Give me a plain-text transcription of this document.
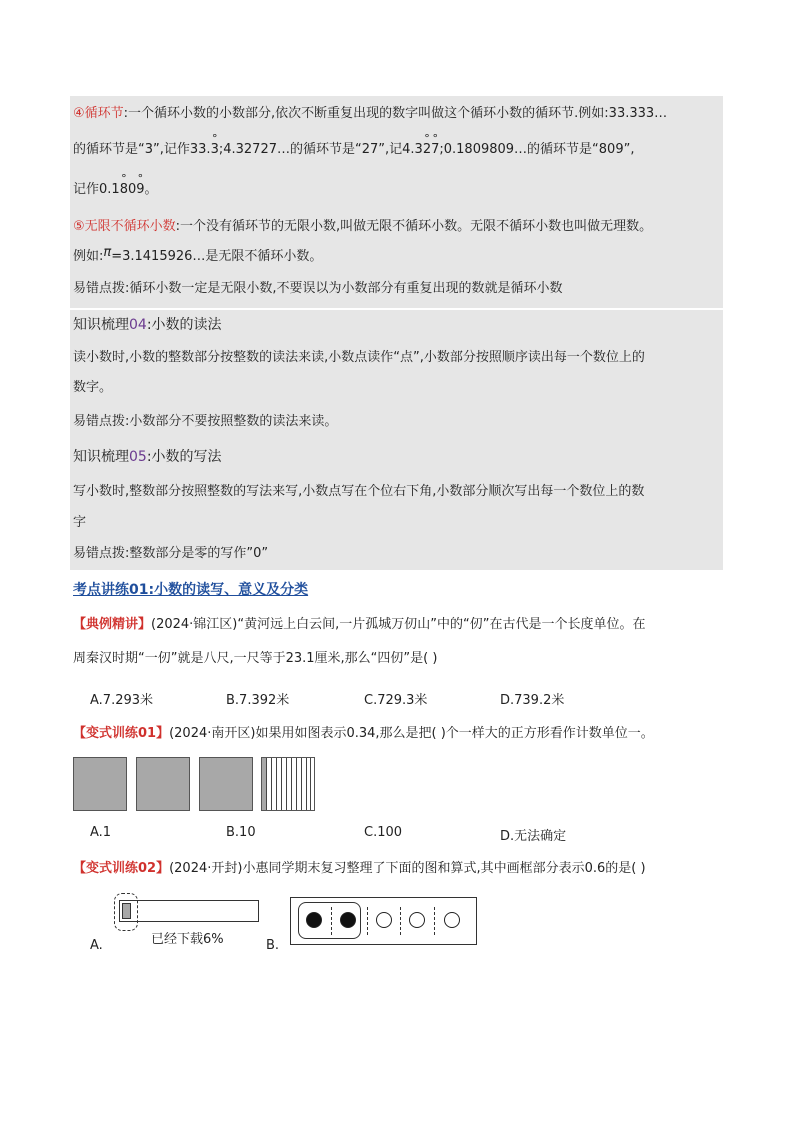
④循环节:一个循环小数的小数部分,依次不断重复出现的数字叫做这个循环小数的循环节.例如:33.333…
的循环节是“3”,记作33.° 3;4.32727…的循环节是“27”,记4.3° 2° 7;0.1809809…的循环节是“809”,
记作0.1° 80° 9。
⑤无限不循环小数:一个没有循环节的无限小数,叫做无限不循环小数。无限不循环小数也叫做无理数。
例如:π=3.1415926…是无限不循环小数。
易错点拨:循环小数一定是无限小数,不要误以为小数部分有重复出现的数就是循环小数
知识梳理04:小数的读法
读小数时,小数的整数部分按整数的读法来读,小数点读作“点”,小数部分按照顺序读出每一个数位上的
数字。
易错点拨:小数部分不要按照整数的读法来读。
知识梳理05:小数的写法
写小数时,整数部分按照整数的写法来写,小数点写在个位右下角,小数部分顺次写出每一个数位上的数
字
易错点拨:整数部分是零的写作”0”
考点讲练01:小数的读写、意义及分类
【典例精讲】(2024·锦江区)“黄河远上白云间,一片孤城万仞山”中的“仞”在古代是一个长度单位。在
周秦汉时期“一仞”就是八尺,一尺等于23.1厘米,那么“四仞”是( )
A.7.293米	B.7.392米	C.729.3米	D.739.2米
【变式训练01】(2024·南开区)如果用如图表示0.34,那么是把( )个一样大的正方形看作计数单位一。
A.1	B.10	C.100	D.无法确定
【变式训练02】(2024·开封)小惠同学期末复习整理了下面的图和算式,其中画框部分表示0.6的是( )
已经下载6%
A.	B.
